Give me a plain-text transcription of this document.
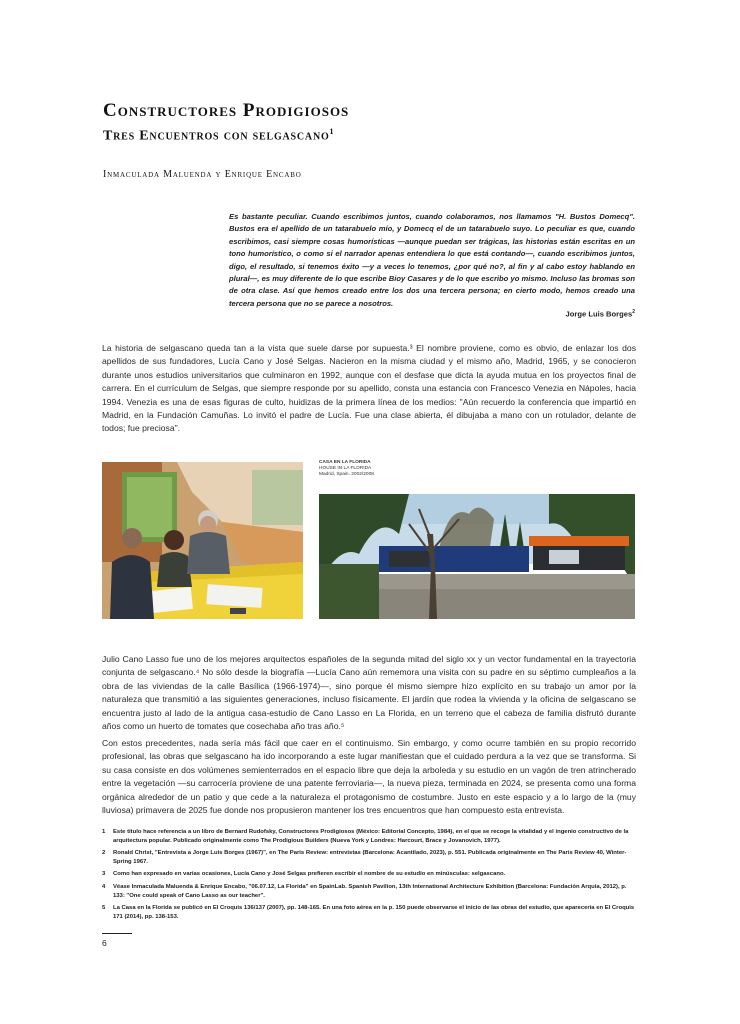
Constructores Prodigiosos
Tres Encuentros con selgascano$^1$
Inmaculada Maluenda y Enrique Encabo
Es bastante peculiar. Cuando escribimos juntos, cuando colaboramos, nos llamamos "H. Bustos Domecq". Bustos era el apellido de un tatarabuelo mío, y Domecq el de un tatarabuelo suyo. Lo peculiar es que, cuando escribimos, casi siempre cosas humorísticas —aunque puedan ser trágicas, las historias están escritas en un tono humorístico, o como si el narrador apenas entendiera lo que está contando—, cuando escribimos juntos, digo, el resultado, si tenemos éxito —y a veces lo tenemos, ¿por qué no?, al fin y al cabo estoy hablando en plural—, es muy diferente de lo que escribe Bioy Casares y de lo que escribo yo mismo. Incluso las bromas son de otra clase. Así que hemos creado entre los dos una tercera persona; en cierto modo, hemos creado una tercera persona que no se parece a nosotros.
Jorge Luis Borges$^2$
La historia de selgascano queda tan a la vista que suele darse por supuesta.³ El nombre proviene, como es obvio, de enlazar los dos apellidos de sus fundadores, Lucía Cano y José Selgas. Nacieron en la misma ciudad y el mismo año, Madrid, 1965, y se conocieron durante unos estudios universitarios que culminaron en 1992, aunque con el desfase que dicta la ayuda mutua en los proyectos final de carrera. En el currículum de Selgas, que siempre responde por su apellido, consta una estancia con Francesco Venezia en Nápoles, hacia 1994. Venezia es una de esas figuras de culto, huidizas de la primera línea de los medios: "Aún recuerdo la conferencia que impartió en Madrid, en la Fundación Camuñas. Lo invitó el padre de Lucía. Fue una clase abierta, él dibujaba a mano con un rotulador, delante de todos; fue preciosa".
CASA EN LA FLORIDA
HOUSE IN LA FLORIDA
Madrid, Spain. 2002/2008
Julio Cano Lasso fue uno de los mejores arquitectos españoles de la segunda mitad del siglo xx y un vector fundamental en la trayectoria conjunta de selgascano.⁴ No sólo desde la biografía —Lucía Cano aún rememora una visita con su padre en su séptimo cumpleaños a la obra de las viviendas de la calle Basílica (1966-1974)—, sino porque él mismo siempre hizo explícito en su trabajo un amor por la naturaleza que transmitió a las siguientes generaciones, incluso físicamente. El jardín que rodea la vivienda y la oficina de selgascano se encuentra justo al lado de la antigua casa-estudio de Cano Lasso en La Florida, en un terreno que el cabeza de familia disfrutó durante años como un huerto de tomates que cosechaba año tras año.⁵
Con estos precedentes, nada sería más fácil que caer en el continuismo. Sin embargo, y como ocurre también en su propio recorrido profesional, las obras que selgascano ha ido incorporando a este lugar manifiestan que el cuidado perdura a la vez que se transforma. Si su casa consiste en dos volúmenes semienterrados en el espacio libre que deja la arboleda y su estudio en un vagón de tren atrincherado entre la vegetación —su carrocería proviene de una patente ferroviaria—, la nueva pieza, terminada en 2024, se presenta como una forma orgánica alrededor de un patio y que cede a la naturaleza el protagonismo de costumbre. Justo en este espacio y a lo largo de la (muy lluviosa) primavera de 2025 fue donde nos propusieron mantener los tres encuentros que han compuesto esta entrevista.
1 Este título hace referencia a un libro de Bernard Rudofsky, Constructores Prodigiosos (México: Editorial Concepto, 1984), en el que se recoge la vitalidad y el ingenio constructivo de la arquitectura popular. Publicado originalmente como The Prodigious Builders (Nueva York y Londres: Harcourt, Brace y Jovanovich, 1977).
2 Ronald Christ, "Entrevista a Jorge Luis Borges (1967)", en The Paris Review: entrevistas (Barcelona: Acantilado, 2023), p. 551. Publicada originalmente en The Paris Review 40, Winter-Spring 1967.
3 Como han expresado en varias ocasiones, Lucía Cano y José Selgas prefieren escribir el nombre de su estudio en minúsculas: selgascano.
4 Véase Inmaculada Maluenda & Enrique Encabo, "06.07.12, La Florida" en SpainLab. Spanish Pavilion, 13th International Architecture Exhibition (Barcelona: Fundación Arquia, 2012), p. 133: "One could speak of Cano Lasso as our teacher".
5 La Casa en la Florida se publicó en El Croquis 136/137 (2007), pp. 148-165. En una foto aérea en la p. 150 puede observarse el inicio de las obras del estudio, que aparecería en El Croquis 171 (2014), pp. 138-153.
6
